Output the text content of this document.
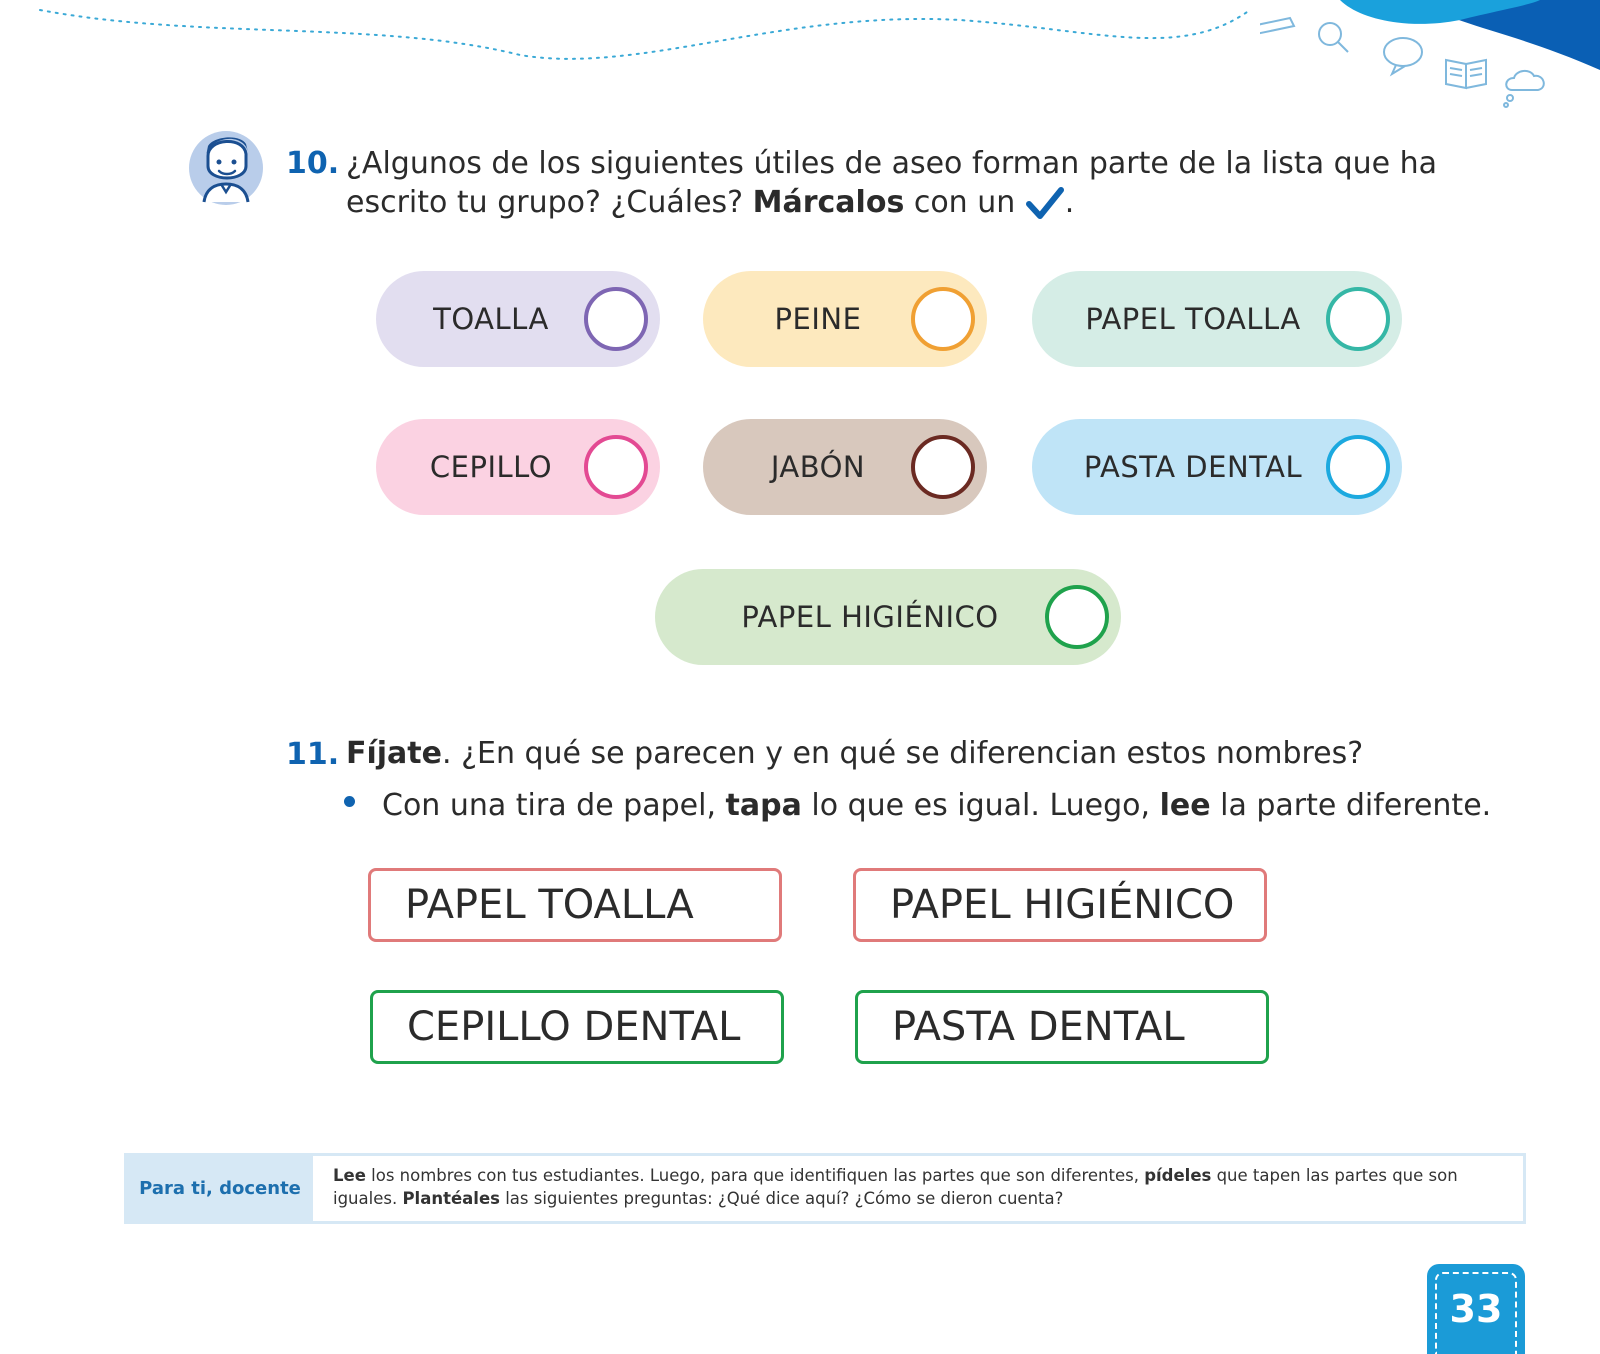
10. ¿Algunos de los siguientes útiles de aseo forman parte de la lista que ha escrito tu grupo? ¿Cuáles? Márcalos con un .
TOALLA	PEINE	PAPEL TOALLA
CEPILLO	JABÓN	PASTA DENTAL
PAPEL HIGIÉNICO
11. Fíjate. ¿En qué se parecen y en qué se diferencian estos nombres?
Con una tira de papel, tapa lo que es igual. Luego, lee la parte diferente.
PAPEL TOALLA	PAPEL HIGIÉNICO
CEPILLO DENTAL	PASTA DENTAL
Para ti, docente
Lee los nombres con tus estudiantes. Luego, para que identifiquen las partes que son diferentes, pídeles que tapen las partes que son iguales. Plantéales las siguientes preguntas: ¿Qué dice aquí? ¿Cómo se dieron cuenta?
33
